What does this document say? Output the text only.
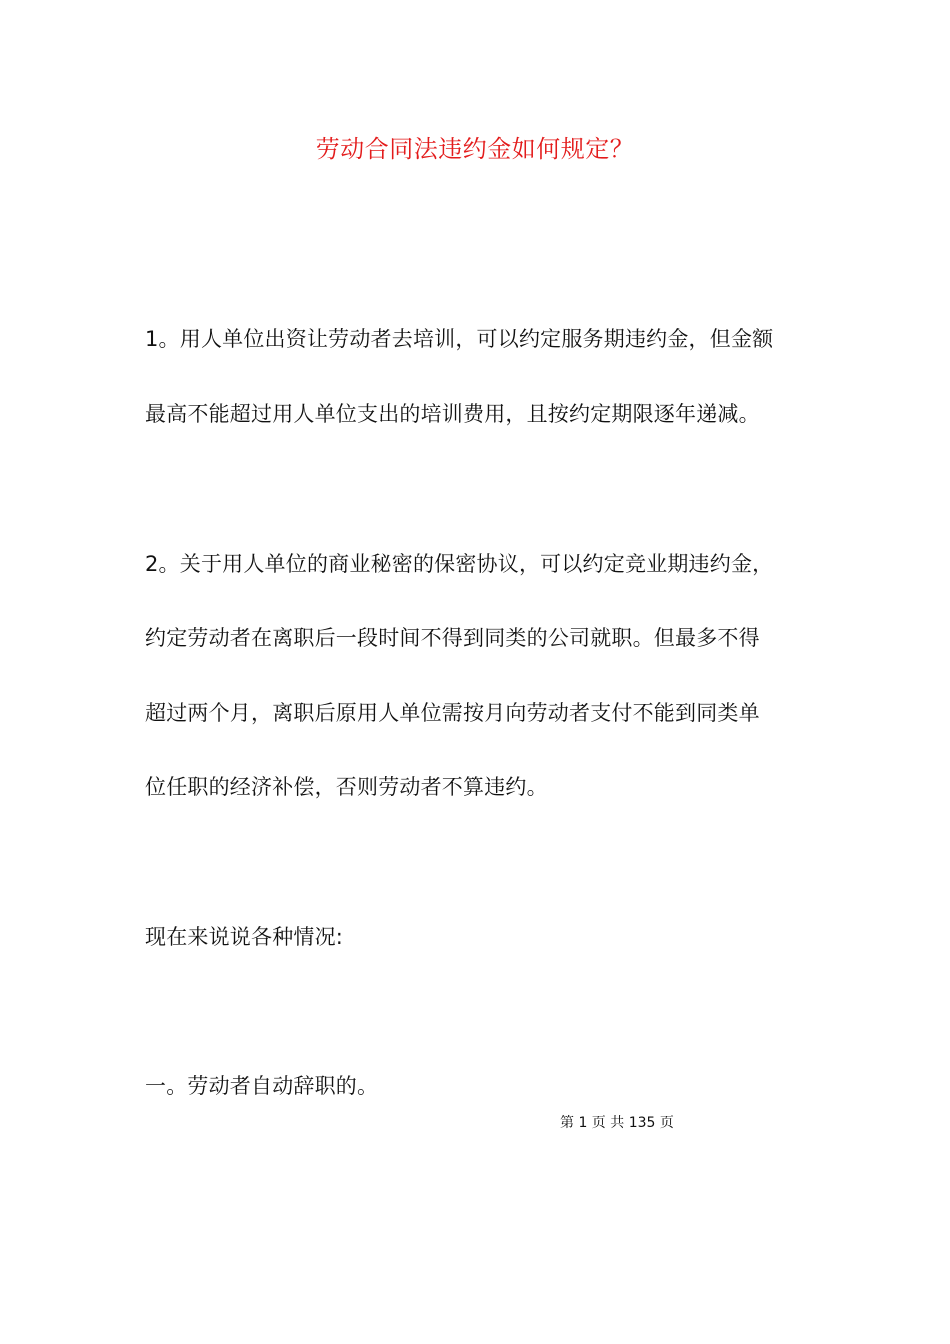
劳动合同法违约金如何规定？
1。用人单位出资让劳动者去培训，可以约定服务期违约金，但金额
最高不能超过用人单位支出的培训费用，且按约定期限逐年递减。
2。关于用人单位的商业秘密的保密协议，可以约定竞业期违约金，
约定劳动者在离职后一段时间不得到同类的公司就职。但最多不得
超过两个月，离职后原用人单位需按月向劳动者支付不能到同类单
位任职的经济补偿，否则劳动者不算违约。
现在来说说各种情况:
一。劳动者自动辞职的。
第 1 页 共 135 页
